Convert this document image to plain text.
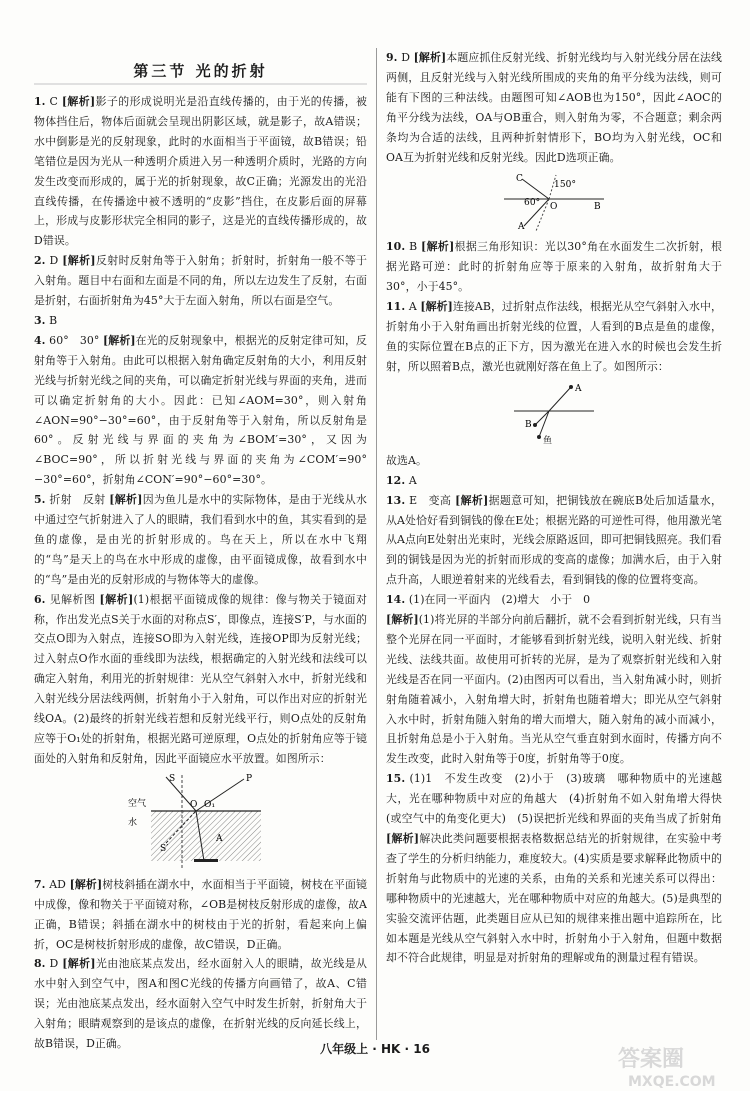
第三节 光的折射
1. C [解析]影子的形成说明光是沿直线传播的，由于光的传播，被物体挡住后，物体后面就会呈现出阴影区域，就是影子，故A错误；水中倒影是光的反射现象，此时的水面相当于平面镜，故B错误；铅笔错位是因为光从一种透明介质进入另一种透明介质时，光路的方向发生改变而形成的，属于光的折射现象，故C正确；光源发出的光沿直线传播，在传播途中被不透明的“皮影”挡住，在皮影后面的屏幕上，形成与皮影形状完全相同的影子，这是光的直线传播形成的，故D错误。
2. D [解析]反射时反射角等于入射角；折射时，折射角一般不等于入射角。题目中右面和左面是不同的角，所以左边发生了反射，右面是折射，右面折射角为45°大于左面入射角，所以右面是空气。
3. B
4. 60°　30° [解析]在光的反射现象中，根据光的反射定律可知，反射角等于入射角。由此可以根据入射角确定反射角的大小，利用反射光线与折射光线之间的夹角，可以确定折射光线与界面的夹角，进而可以确定折射角的大小。因此：已知∠AOM=30°，则入射角∠AON=90°−30°=60°，由于反射角等于入射角，所以反射角是60°。反射光线与界面的夹角为∠BOM′=30°，又因为∠BOC=90°，所以折射光线与界面的夹角为∠COM′=90°−30°=60°，折射角∠CON′=90°−60°=30°。
5. 折射　反射 [解析]因为鱼儿是水中的实际物体，是由于光线从水中通过空气折射进入了人的眼睛，我们看到水中的鱼，其实看到的是鱼的虚像，是由光的折射形成的。鸟在天上，所以在水中飞翔的“鸟”是天上的鸟在水中形成的虚像，由平面镜成像，故看到水中的“鸟”是由光的反射形成的与物体等大的虚像。
6. 见解析图 [解析](1)根据平面镜成像的规律：像与物关于镜面对称，作出发光点S关于水面的对称点S′，即像点，连接S′P，与水面的交点O即为入射点，连接SO即为入射光线，连接OP即为反射光线；过入射点O作水面的垂线即为法线，根据确定的入射光线和法线可以确定入射角，利用光的折射规律：光从空气斜射入水中，折射光线和入射光线分居法线两侧，折射角小于入射角，可以作出对应的折射光线OA。(2)最终的折射光线若想和反射光线平行，则O点处的反射角应等于O₁处的折射角，根据光路可逆原理，O点处的折射角应等于镜面处的入射角和反射角，因此平面镜应水平放置。如图所示：
P
S
O O₁
空气
水
A
S′
7. AD [解析]树枝斜插在湖水中，水面相当于平面镜，树枝在平面镜中成像，像和物关于平面镜对称，∠OB是树枝反射形成的虚像，故A正确，B错误；斜插在湖水中的树枝由于光的折射，看起来向上偏折，OC是树枝折射形成的虚像，故C错误，D正确。
8. D [解析]光由池底某点发出，经水面射入人的眼睛，故光线是从水中射入到空气中，图A和图C光线的传播方向画错了，故A、C错误；光由池底某点发出，经水面射入空气中时发生折射，折射角大于入射角；眼睛观察到的是该点的虚像，在折射光线的反向延长线上，故B错误，D正确。
9. D [解析]本题应抓住反射光线、折射光线均与入射光线分居在法线两侧，且反射光线与入射光线所围成的夹角的角平分线为法线，则可能有下图的三种法线。由题图可知∠AOB也为150°，因此∠AOC的角平分线为法线，OA与OB重合，则入射角为零，不合题意；剩余两条均为合适的法线，且两种折射情形下，BO均为入射光线，OC和OA互为折射光线和反射光线。因此D选项正确。
C
150°
60° O	B
A
10. B [解析]根据三角形知识：光以30°角在水面发生二次折射，根据光路可逆：此时的折射角应等于原来的入射角，故折射角大于30°，小于45°。
11. A [解析]连接AB，过折射点作法线，根据光从空气斜射入水中，折射角小于入射角画出折射光线的位置，人看到的B点是鱼的虚像，鱼的实际位置在B点的正下方，因为激光在进入水的时候也会发生折射，所以照着B点，激光也就刚好落在鱼上了。如图所示：
A
B
鱼
故选A。
12. A
13. E　变高 [解析]据题意可知，把铜钱放在碗底B处后加适量水，从A处恰好看到铜钱的像在E处；根据光路的可逆性可得，他用激光笔从A点向E处射出光束时，光线会原路返回，即可把铜钱照亮。我们看到的铜钱是因为光的折射而形成的变高的虚像；加满水后，由于入射点升高，人眼逆着射来的光线看去，看到铜钱的像的位置将变高。
14. (1)在同一平面内　(2)增大　小于　0
[解析](1)将光屏的半部分向前后翻折，就不会看到折射光线，只有当整个光屏在同一平面时，才能够看到折射光线，说明入射光线、折射光线、法线共面。故使用可折转的光屏，是为了观察折射光线和入射光线是否在同一平面内。(2)由图丙可以看出，当入射角减小时，则折射角随着减小，入射角增大时，折射角也随着增大；即光从空气斜射入水中时，折射角随入射角的增大而增大，随入射角的减小而减小，且折射角总是小于入射角。当光从空气垂直射到水面时，传播方向不发生改变，此时入射角等于0度，折射角等于0度。
15. (1)1　不发生改变　(2)小于　(3)玻璃　哪种物质中的光速越大，光在哪种物质中对应的角越大　(4)折射角不如入射角增大得快(或空气中的角变化更大)　(5)误把折光线和界面的夹角当成了折射角 [解析]解决此类问题要根据表格数据总结光的折射规律，在实验中考查了学生的分析归纳能力，难度较大。(4)实质是要求解释此物质中的折射角与此物质中的光速的关系，由角的关系和光速关系可以得出：哪种物质中的光速越大，光在哪种物质中对应的角越大。(5)是典型的实验交流评估题，此类题目应从已知的规律来推出题中追踪所在，比如本题是光线从空气斜射入水中时，折射角小于入射角，但题中数据却不符合此规律，明显是对折射角的理解或角的测量过程有错误。
八年级上 · HK · 16	答案圈
MXQE.COM
